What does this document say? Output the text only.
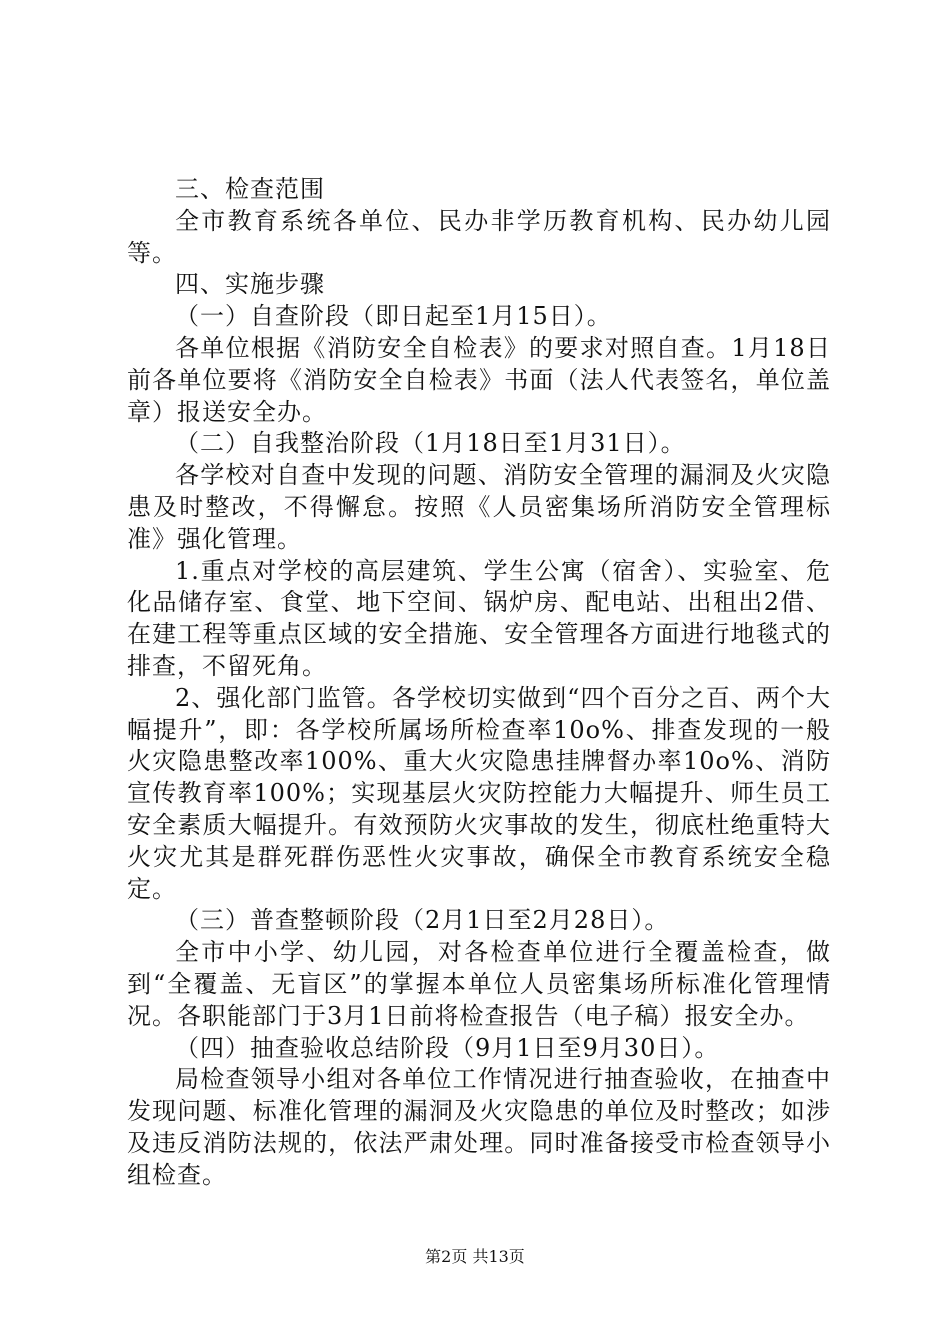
三、检查范围

全市教育系统各单位、民办非学历教育机构、民办幼儿园等。

四、实施步骤

（一）自查阶段（即日起至1月15日）。

各单位根据《消防安全自检表》的要求对照自查。1月18日前各单位要将《消防安全自检表》书面（法人代表签名，单位盖章）报送安全办。

（二）自我整治阶段（1月18日至1月31日）。

各学校对自查中发现的问题、消防安全管理的漏洞及火灾隐患及时整改，不得懈怠。按照《人员密集场所消防安全管理标准》强化管理。

1.重点对学校的高层建筑、学生公寓（宿舍）、实验室、危化品储存室、食堂、地下空间、锅炉房、配电站、出租出2借、在建工程等重点区域的安全措施、安全管理各方面进行地毯式的排查，不留死角。

2、强化部门监管。各学校切实做到“四个百分之百、两个大幅提升”，即：各学校所属场所检查率10o%、排查发现的一般火灾隐患整改率100%、重大火灾隐患挂牌督办率10o%、消防宣传教育率100%；实现基层火灾防控能力大幅提升、师生员工安全素质大幅提升。有效预防火灾事故的发生，彻底杜绝重特大火灾尤其是群死群伤恶性火灾事故，确保全市教育系统安全稳定。

（三）普查整顿阶段（2月1日至2月28日）。

全市中小学、幼儿园，对各检查单位进行全覆盖检查，做到“全覆盖、无盲区”的掌握本单位人员密集场所标准化管理情况。各职能部门于3月1日前将检查报告（电子稿）报安全办。

（四）抽查验收总结阶段（9月1日至9月30日）。

局检查领导小组对各单位工作情况进行抽查验收，在抽查中发现问题、标准化管理的漏洞及火灾隐患的单位及时整改；如涉及违反消防法规的，依法严肃处理。同时准备接受市检查领导小组检查。

第2页 共13页
